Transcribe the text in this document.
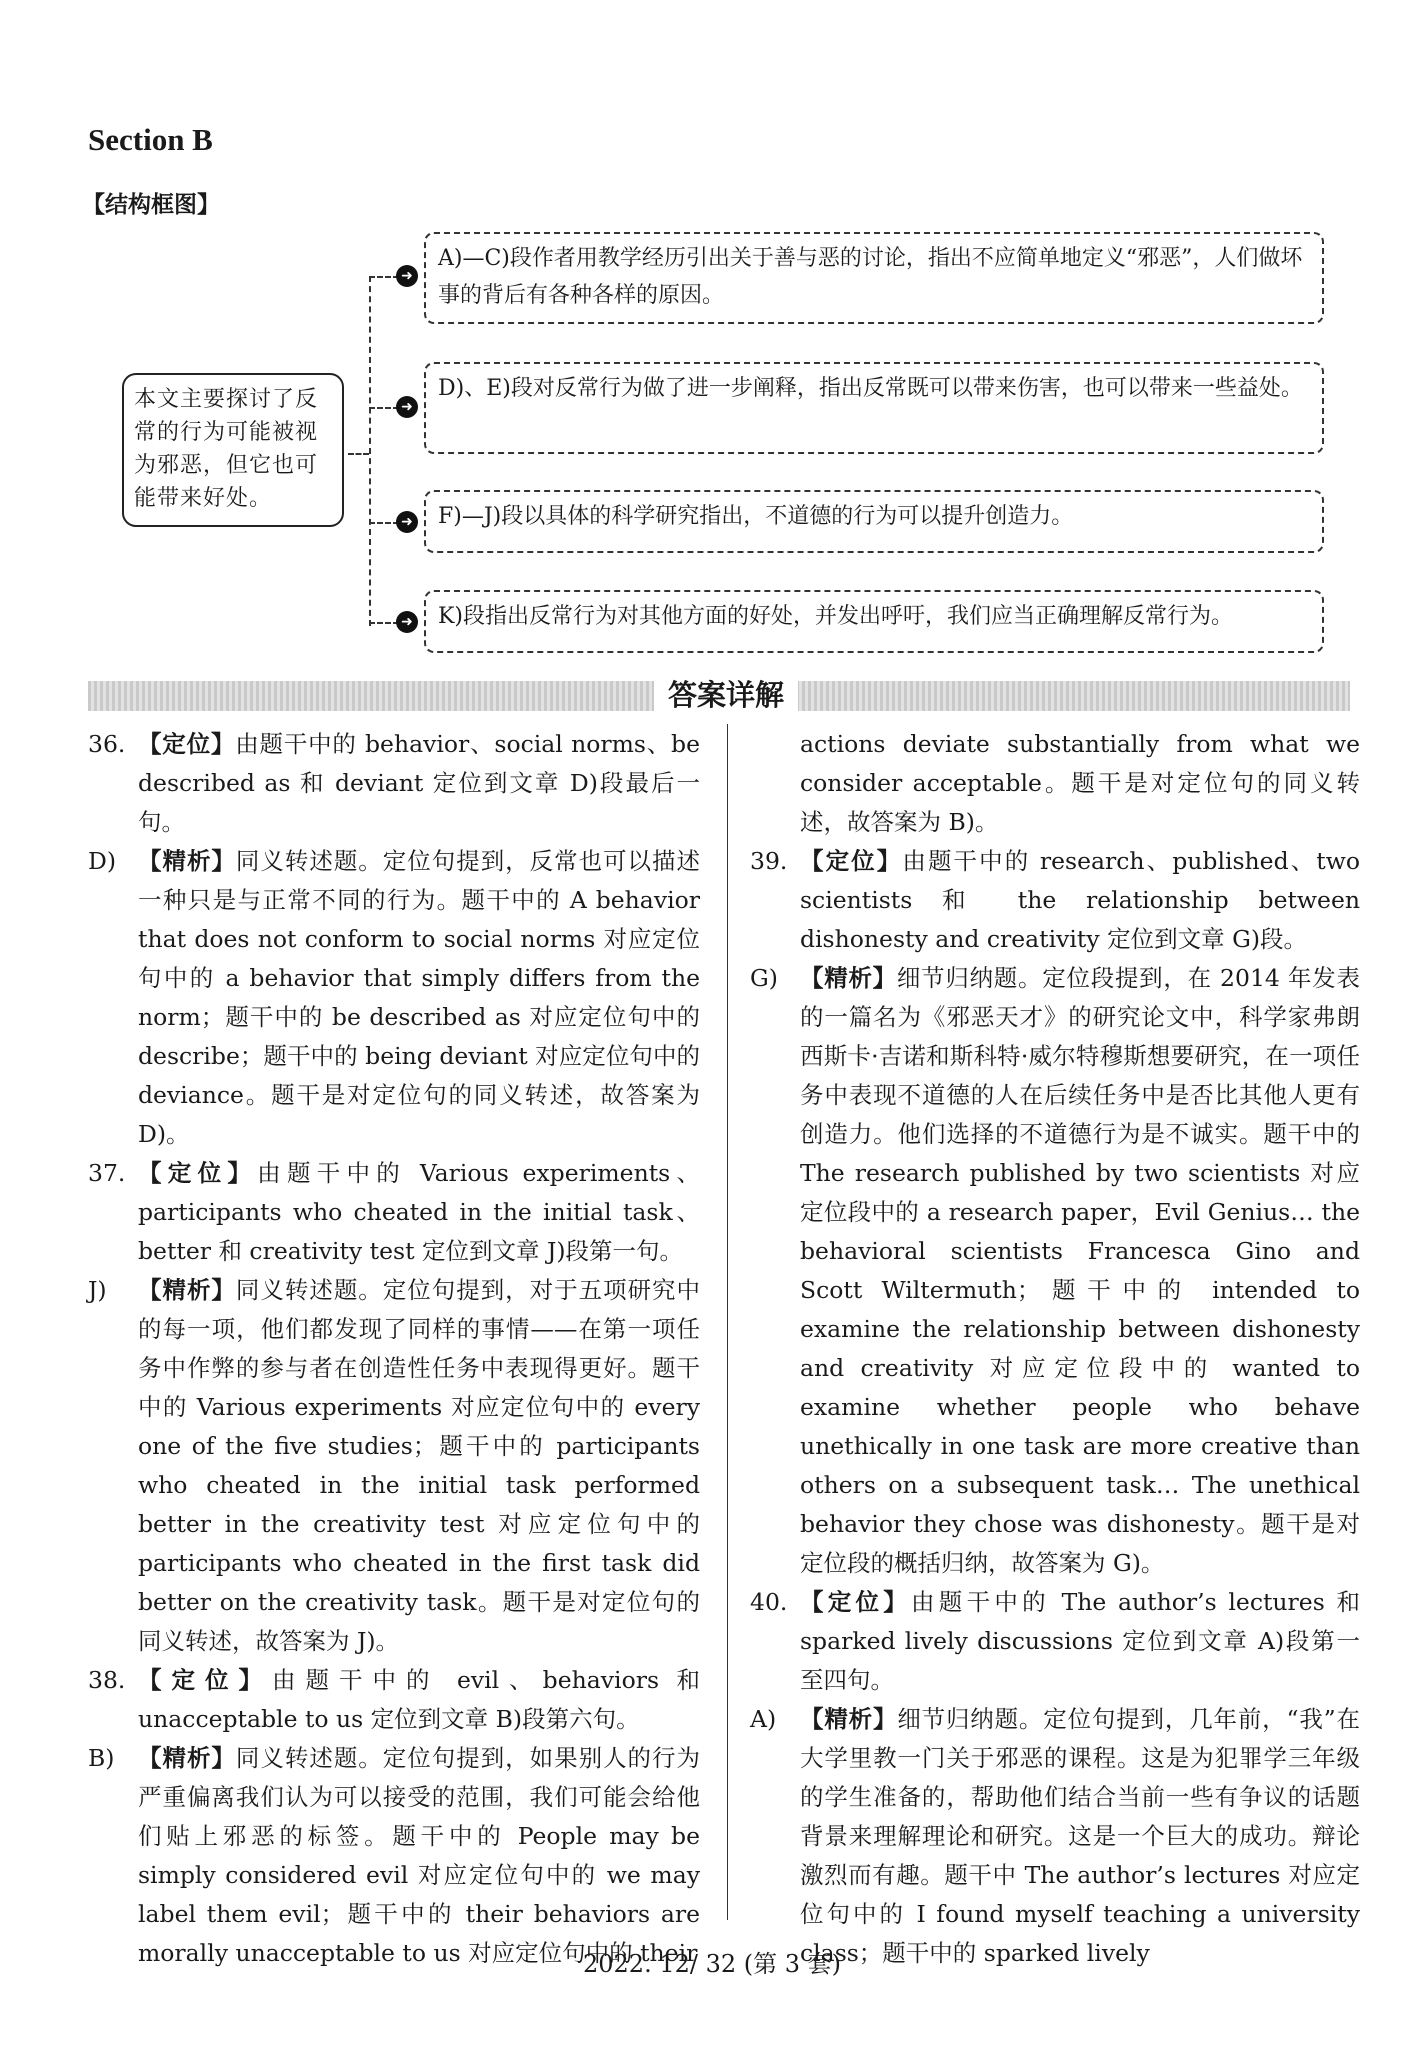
Section B
【结构框图】
本文主要探讨了反常的行为可能被视为邪恶，但它也可能带来好处。
➜
A)—C)段作者用教学经历引出关于善与恶的讨论，指出不应简单地定义“邪恶”，人们做坏事的背后有各种各样的原因。
➜
D)、E)段对反常行为做了进一步阐释，指出反常既可以带来伤害，也可以带来一些益处。
➜	F)—J)段以具体的科学研究指出，不道德的行为可以提升创造力。
➜	K)段指出反常行为对其他方面的好处，并发出呼吁，我们应当正确理解反常行为。
答案详解

36. 【定位】由题干中的 behavior、social norms、be described as 和 deviant 定位到文章 D)段最后一句。

D) 【精析】同义转述题。定位句提到，反常也可以描述一种只是与正常不同的行为。题干中的 A behavior that does not conform to social norms 对应定位句中的 a behavior that simply differs from the norm；题干中的 be described as 对应定位句中的 describe；题干中的 being deviant 对应定位句中的 deviance。题干是对定位句的同义转述，故答案为 D)。

37. 【定位】由题干中的 Various experiments、participants who cheated in the initial task、better 和 creativity test 定位到文章 J)段第一句。

J) 【精析】同义转述题。定位句提到，对于五项研究中的每一项，他们都发现了同样的事情——在第一项任务中作弊的参与者在创造性任务中表现得更好。题干中的 Various experiments 对应定位句中的 every one of the five studies；题干中的 participants who cheated in the initial task performed better in the creativity test 对应定位句中的 participants who cheated in the first task did better on the creativity task。题干是对定位句的同义转述，故答案为 J)。

38. 【定位】由题干中的 evil、behaviors 和 unacceptable to us 定位到文章 B)段第六句。

B) 【精析】同义转述题。定位句提到，如果别人的行为严重偏离我们认为可以接受的范围，我们可能会给他们贴上邪恶的标签。题干中的 People may be simply considered evil 对应定位句中的 we may label them evil；题干中的 their behaviors are morally unacceptable to us 对应定位句中的 their

actions deviate substantially from what we consider acceptable。题干是对定位句的同义转述，故答案为 B)。

39. 【定位】由题干中的 research、published、two scientists 和 the relationship between dishonesty and creativity 定位到文章 G)段。

G) 【精析】细节归纳题。定位段提到，在 2014 年发表的一篇名为《邪恶天才》的研究论文中，科学家弗朗西斯卡·吉诺和斯科特·威尔特穆斯想要研究，在一项任务中表现不道德的人在后续任务中是否比其他人更有创造力。他们选择的不道德行为是不诚实。题干中的 The research published by two scientists 对应定位段中的 a research paper，Evil Genius… the behavioral scientists Francesca Gino and Scott Wiltermuth；题干中的 intended to examine the relationship between dishonesty and creativity 对应定位段中的 wanted to examine whether people who behave unethically in one task are more creative than others on a subsequent task… The unethical behavior they chose was dishonesty。题干是对定位段的概括归纳，故答案为 G)。

40. 【定位】由题干中的 The author’s lectures 和 sparked lively discussions 定位到文章 A)段第一至四句。

A) 【精析】细节归纳题。定位句提到，几年前，“我”在大学里教一门关于邪恶的课程。这是为犯罪学三年级的学生准备的，帮助他们结合当前一些有争议的话题背景来理解理论和研究。这是一个巨大的成功。辩论激烈而有趣。题干中 The author’s lectures 对应定位句中的 I found myself teaching a university class；题干中的 sparked lively

2022. 12/ 32 (第 3 套)
